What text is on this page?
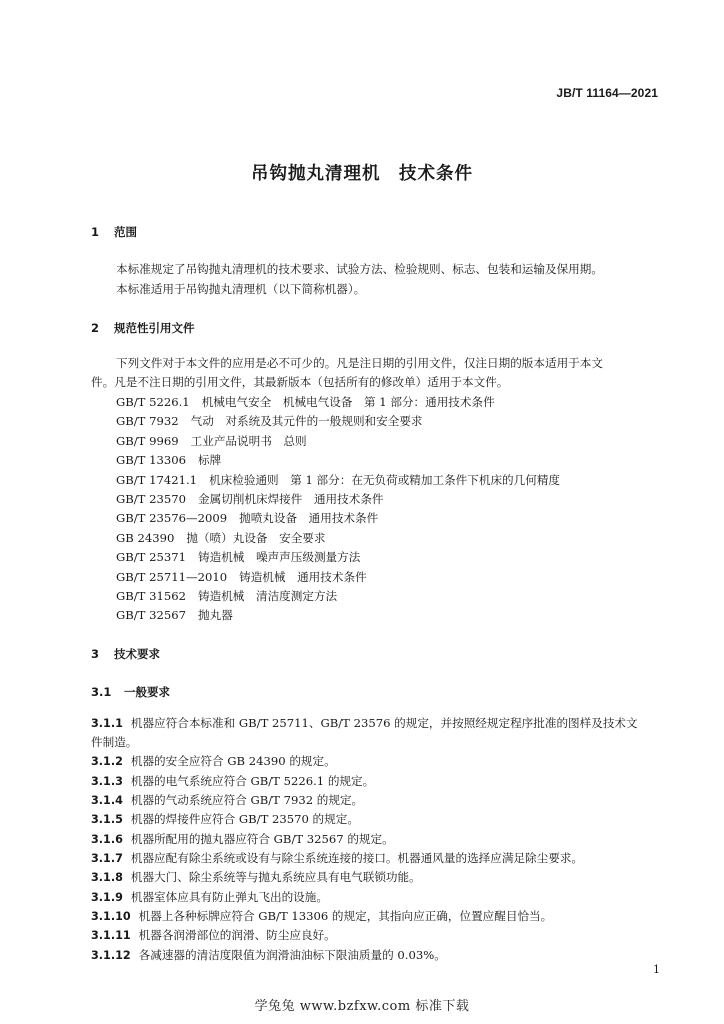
JB/T 11164—2021
吊钩抛丸清理机　技术条件
1 范围
本标准规定了吊钩抛丸清理机的技术要求、试验方法、检验规则、标志、包装和运输及保用期。
本标准适用于吊钩抛丸清理机（以下简称机器）。
2 规范性引用文件
下列文件对于本文件的应用是必不可少的。凡是注日期的引用文件，仅注日期的版本适用于本文
件。凡是不注日期的引用文件，其最新版本（包括所有的修改单）适用于本文件。
GB/T 5226.1 机械电气安全　机械电气设备　第 1 部分：通用技术条件
GB/T 7932 气动　对系统及其元件的一般规则和安全要求
GB/T 9969 工业产品说明书　总则
GB/T 13306 标牌
GB/T 17421.1 机床检验通则　第 1 部分：在无负荷或精加工条件下机床的几何精度
GB/T 23570 金属切削机床焊接件　通用技术条件
GB/T 23576—2009 抛喷丸设备　通用技术条件
GB 24390 抛（喷）丸设备　安全要求
GB/T 25371 铸造机械　噪声声压级测量方法
GB/T 25711—2010 铸造机械　通用技术条件
GB/T 31562 铸造机械　清洁度测定方法
GB/T 32567 抛丸器
3 技术要求
3.1 一般要求
3.1.1 机器应符合本标准和 GB/T 25711、GB/T 23576 的规定，并按照经规定程序批准的图样及技术文
件制造。
3.1.2 机器的安全应符合 GB 24390 的规定。
3.1.3 机器的电气系统应符合 GB/T 5226.1 的规定。
3.1.4 机器的气动系统应符合 GB/T 7932 的规定。
3.1.5 机器的焊接件应符合 GB/T 23570 的规定。
3.1.6 机器所配用的抛丸器应符合 GB/T 32567 的规定。
3.1.7 机器应配有除尘系统或设有与除尘系统连接的接口。机器通风量的选择应满足除尘要求。
3.1.8 机器大门、除尘系统等与抛丸系统应具有电气联锁功能。
3.1.9 机器室体应具有防止弹丸飞出的设施。
3.1.10 机器上各种标牌应符合 GB/T 13306 的规定，其指向应正确，位置应醒目恰当。
3.1.11 机器各润滑部位的润滑、防尘应良好。
3.1.12 各减速器的清洁度限值为润滑油油标下限油质量的 0.03%。
1
学兔兔 www.bzfxw.com 标准下载
